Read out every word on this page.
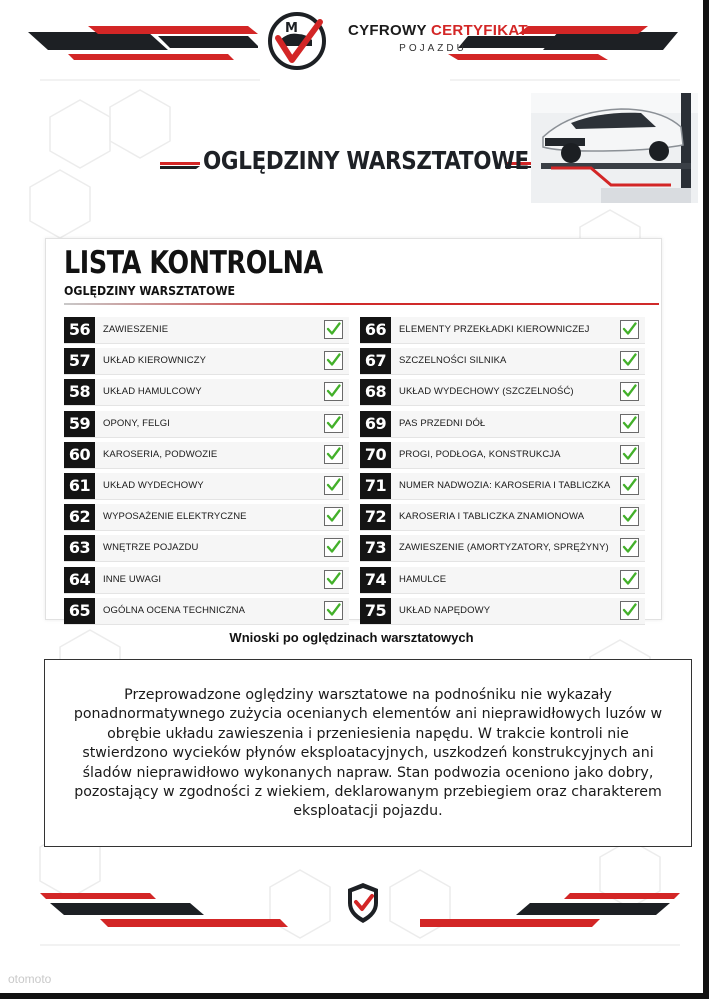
M	CYFROWY CERTYFIKAT
POJAZDU
OGLĘDZINY WARSZTATOWE
LISTA KONTROLNA
OGLĘDZINY WARSZTATOWE
56	ZAWIESZENIE
57	UKŁAD KIEROWNICZY
58	UKŁAD HAMULCOWY
59	OPONY, FELGI
60	KAROSERIA, PODWOZIE
61	UKŁAD WYDECHOWY
62	WYPOSAŻENIE ELEKTRYCZNE
63	WNĘTRZE POJAZDU
64	INNE UWAGI
65	OGÓLNA OCENA TECHNICZNA
66	ELEMENTY PRZEKŁADKI KIEROWNICZEJ
67	SZCZELNOŚCI SILNIKA
68	UKŁAD WYDECHOWY (SZCZELNOŚĆ)
69	PAS PRZEDNI DÓŁ
70	PROGI, PODŁOGA, KONSTRUKCJA
71	NUMER NADWOZIA: KAROSERIA I TABLICZKA
72	KAROSERIA I TABLICZKA ZNAMIONOWA
73	ZAWIESZENIE (AMORTYZATORY, SPRĘŻYNY)
74	HAMULCE
75	UKŁAD NAPĘDOWY
Wnioski po oględzinach warsztatowych
Przeprowadzone oględziny warsztatowe na podnośniku nie wykazały ponadnormatywnego zużycia ocenianych elementów ani nieprawidłowych luzów w obrębie układu zawieszenia i przeniesienia napędu. W trakcie kontroli nie stwierdzono wycieków płynów eksploatacyjnych, uszkodzeń konstrukcyjnych ani śladów nieprawidłowo wykonanych napraw. Stan podwozia oceniono jako dobry, pozostający w zgodności z wiekiem, deklarowanym przebiegiem oraz charakterem eksploatacji pojazdu.
otomoto
